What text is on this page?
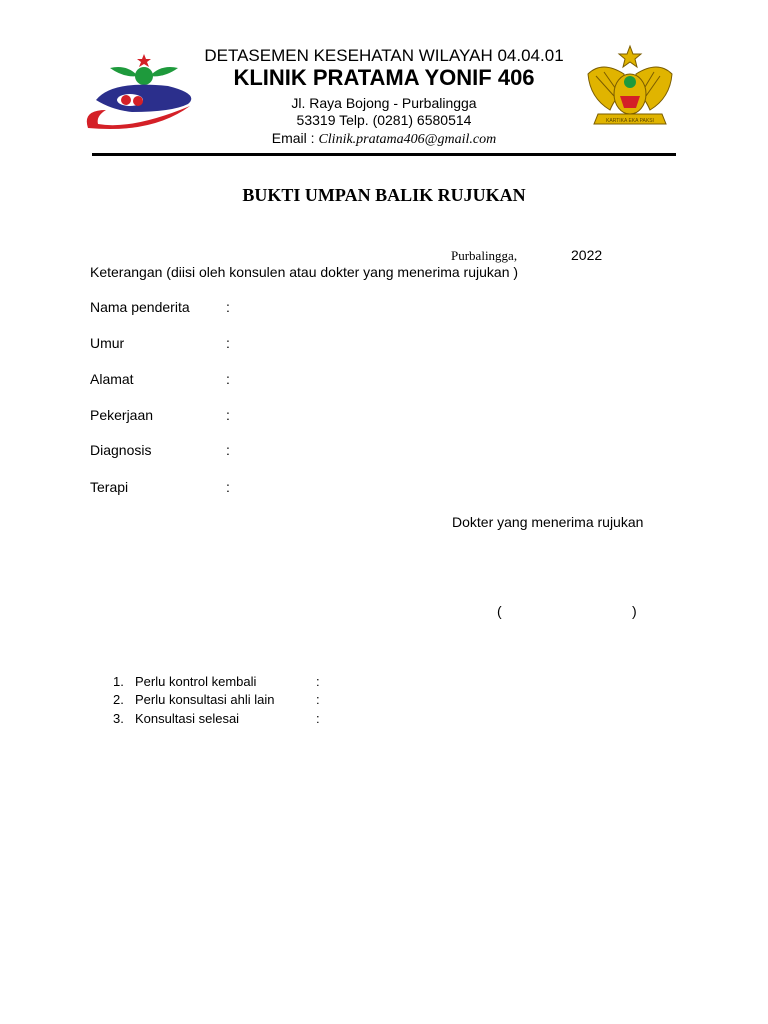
KARTIKA EKA PAKSI
DETASEMEN KESEHATAN WILAYAH 04.04.01
KLINIK PRATAMA YONIF 406
Jl. Raya Bojong - Purbalingga
53319 Telp. (0281) 6580514
Email : Clinik.pratama406@gmail.com
BUKTI UMPAN BALIK RUJUKAN
Purbalingga,	2022
Keterangan (diisi oleh konsulen atau dokter yang menerima rujukan )
Nama penderita	:
Umur	:
Alamat	:
Pekerjaan	:
Diagnosis	:
Terapi	:
Dokter yang menerima rujukan
(	)
1. Perlu kontrol kembali	:
2. Perlu konsultasi ahli lain	:
3. Konsultasi selesai	:
